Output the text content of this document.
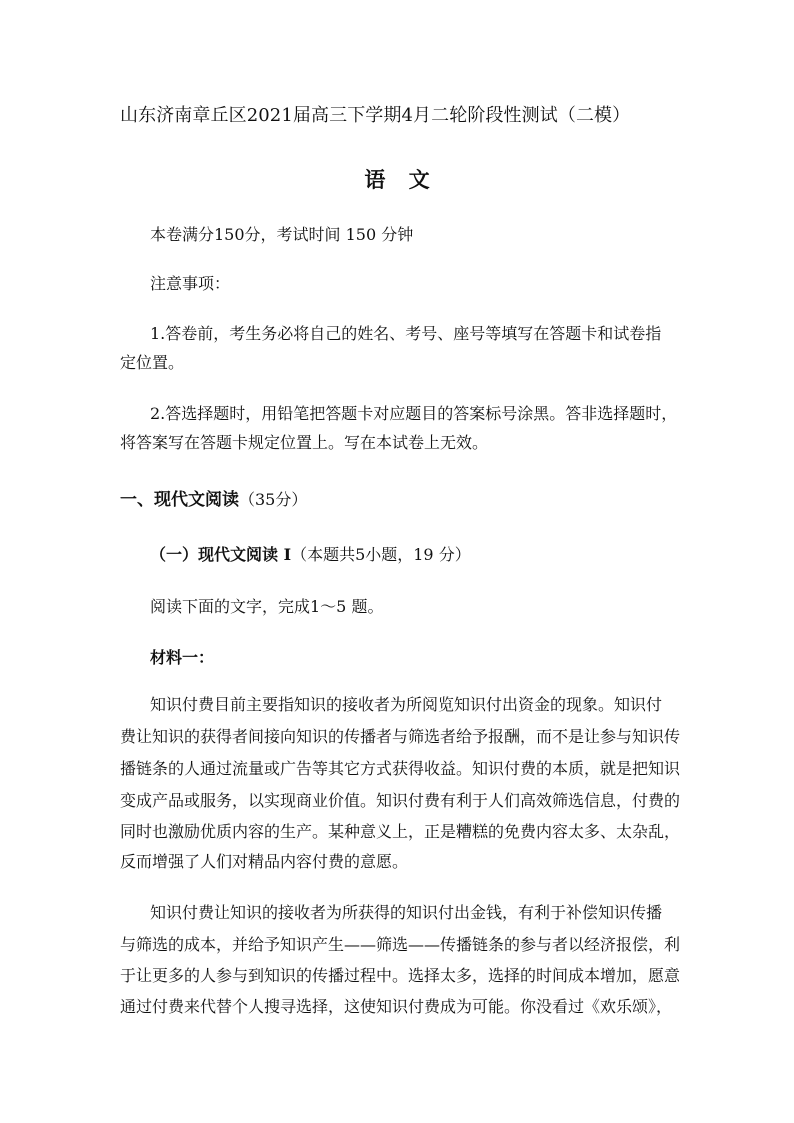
山东济南章丘区2021届高三下学期4月二轮阶段性测试（二模）
语 文
本卷满分150分，考试时间 150 分钟
注意事项：
1.答卷前，考生务必将自己的姓名、考号、座号等填写在答题卡和试卷指
定位置。
2.答选择题时，用铅笔把答题卡对应题目的答案标号涂黑。答非选择题时，
将答案写在答题卡规定位置上。写在本试卷上无效。
一、现代文阅读（35分）
（一）现代文阅读 I（本题共5小题，19 分）
阅读下面的文字，完成1～5 题。
材料一：
知识付费目前主要指知识的接收者为所阅览知识付出资金的现象。知识付
费让知识的获得者间接向知识的传播者与筛选者给予报酬，而不是让参与知识传
播链条的人通过流量或广告等其它方式获得收益。知识付费的本质，就是把知识
变成产品或服务，以实现商业价值。知识付费有利于人们高效筛选信息，付费的
同时也激励优质内容的生产。某种意义上，正是糟糕的免费内容太多、太杂乱，
反而增强了人们对精品内容付费的意愿。
知识付费让知识的接收者为所获得的知识付出金钱，有利于补偿知识传播
与筛选的成本，并给予知识产生——筛选——传播链条的参与者以经济报偿，利
于让更多的人参与到知识的传播过程中。选择太多，选择的时间成本增加，愿意
通过付费来代替个人搜寻选择，这使知识付费成为可能。你没看过《欢乐颂》，
